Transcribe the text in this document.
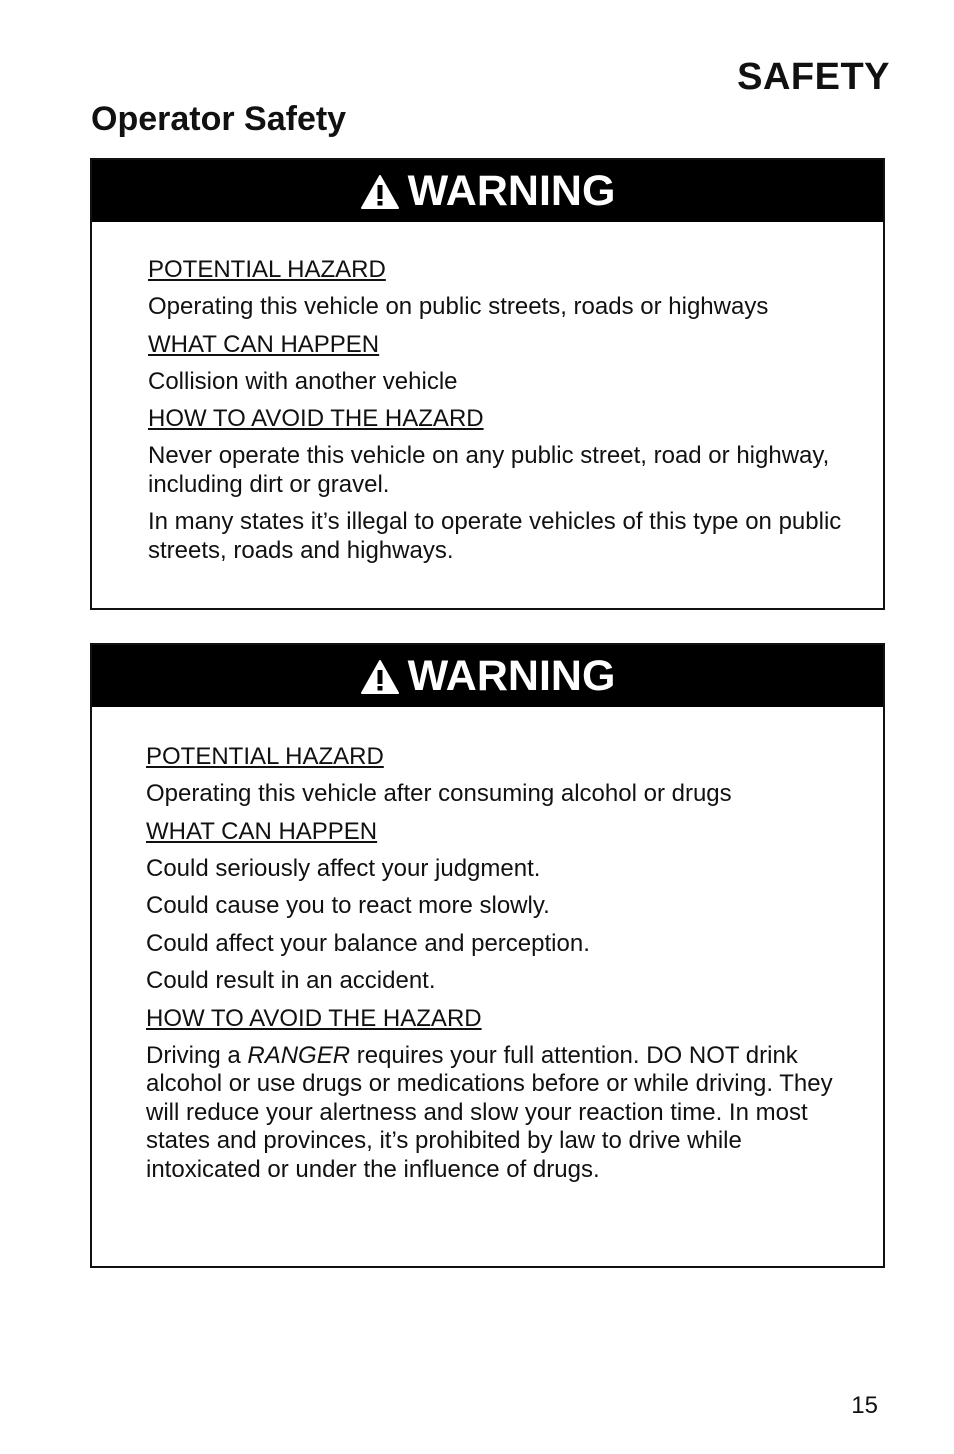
SAFETY
Operator Safety
WARNING

POTENTIAL HAZARD

Operating this vehicle on public streets, roads or highways

WHAT CAN HAPPEN

Collision with another vehicle

HOW TO AVOID THE HAZARD

Never operate this vehicle on any public street, road or highway, including dirt or gravel.

In many states it’s illegal to operate vehicles of this type on public streets, roads and highways.

WARNING

POTENTIAL HAZARD

Operating this vehicle after consuming alcohol or drugs

WHAT CAN HAPPEN

Could seriously affect your judgment.

Could cause you to react more slowly.

Could affect your balance and perception.

Could result in an accident.

HOW TO AVOID THE HAZARD

Driving a RANGER requires your full attention. DO NOT drink alcohol or use drugs or medications before or while driving. They will reduce your alertness and slow your reaction time. In most states and provinces, it’s prohibited by law to drive while intoxicated or under the influence of drugs.

15
